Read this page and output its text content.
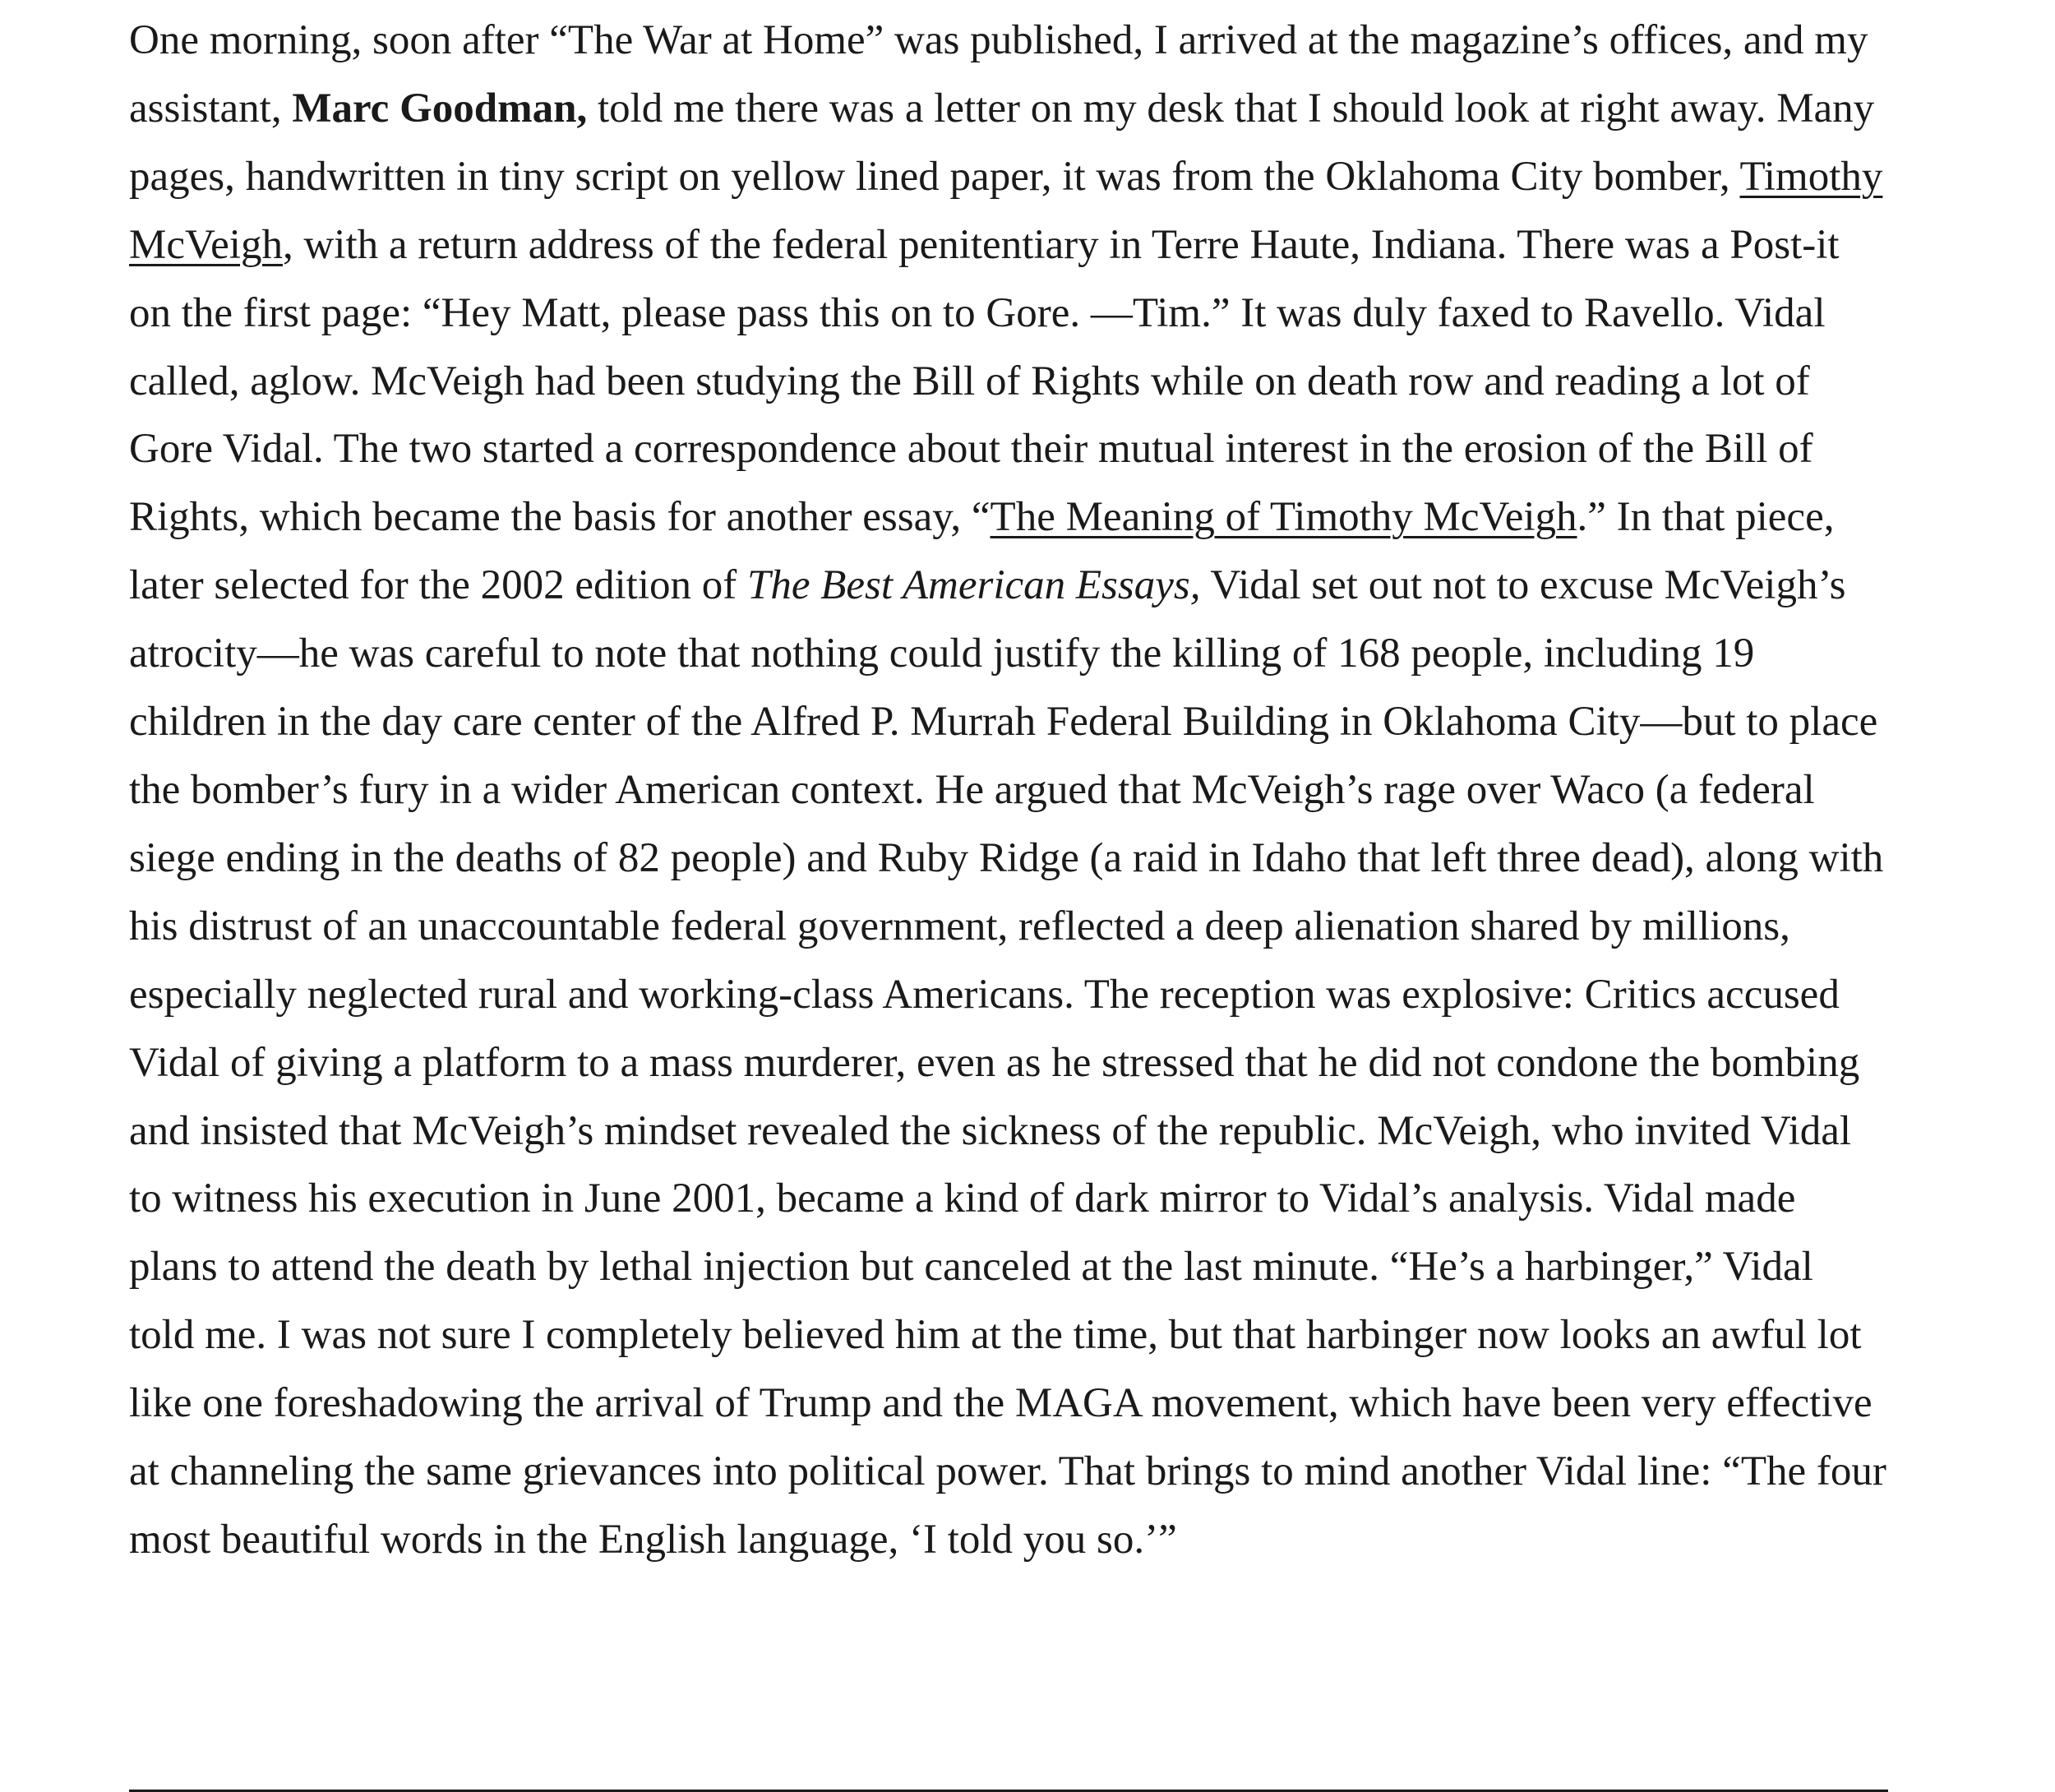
One morning, soon after “The War at Home” was published, I arrived at the magazine’s offices, and my assistant, Marc Goodman, told me there was a letter on my desk that I should look at right away. Many pages, handwritten in tiny script on yellow lined paper, it was from the Oklahoma City bomber, Timothy McVeigh, with a return address of the federal penitentiary in Terre Haute, Indiana. There was a Post-it on the first page: “Hey Matt, please pass this on to Gore. —Tim.” It was duly faxed to Ravello. Vidal called, aglow. McVeigh had been studying the Bill of Rights while on death row and reading a lot of Gore Vidal. The two started a correspondence about their mutual interest in the erosion of the Bill of Rights, which became the basis for another essay, “The Meaning of Timothy McVeigh.” In that piece, later selected for the 2002 edition of The Best American Essays, Vidal set out not to excuse McVeigh’s atrocity—he was careful to note that nothing could justify the killing of 168 people, including 19 children in the day care center of the Alfred P. Murrah Federal Building in Oklahoma City—but to place the bomber’s fury in a wider American context. He argued that McVeigh’s rage over Waco (a federal siege ending in the deaths of 82 people) and Ruby Ridge (a raid in Idaho that left three dead), along with his distrust of an unaccountable federal government, reflected a deep alienation shared by millions, especially neglected rural and working-class Americans. The reception was explosive: Critics accused Vidal of giving a platform to a mass murderer, even as he stressed that he did not condone the bombing and insisted that McVeigh’s mindset revealed the sickness of the republic. McVeigh, who invited Vidal to witness his execution in June 2001, became a kind of dark mirror to Vidal’s analysis. Vidal made plans to attend the death by lethal injection but canceled at the last minute. “He’s a harbinger,” Vidal told me. I was not sure I completely believed him at the time, but that harbinger now looks an awful lot like one foreshadowing the arrival of Trump and the MAGA movement, which have been very effective at channeling the same grievances into political power. That brings to mind another Vidal line: “The four most beautiful words in the English language, ‘I told you so.’”
